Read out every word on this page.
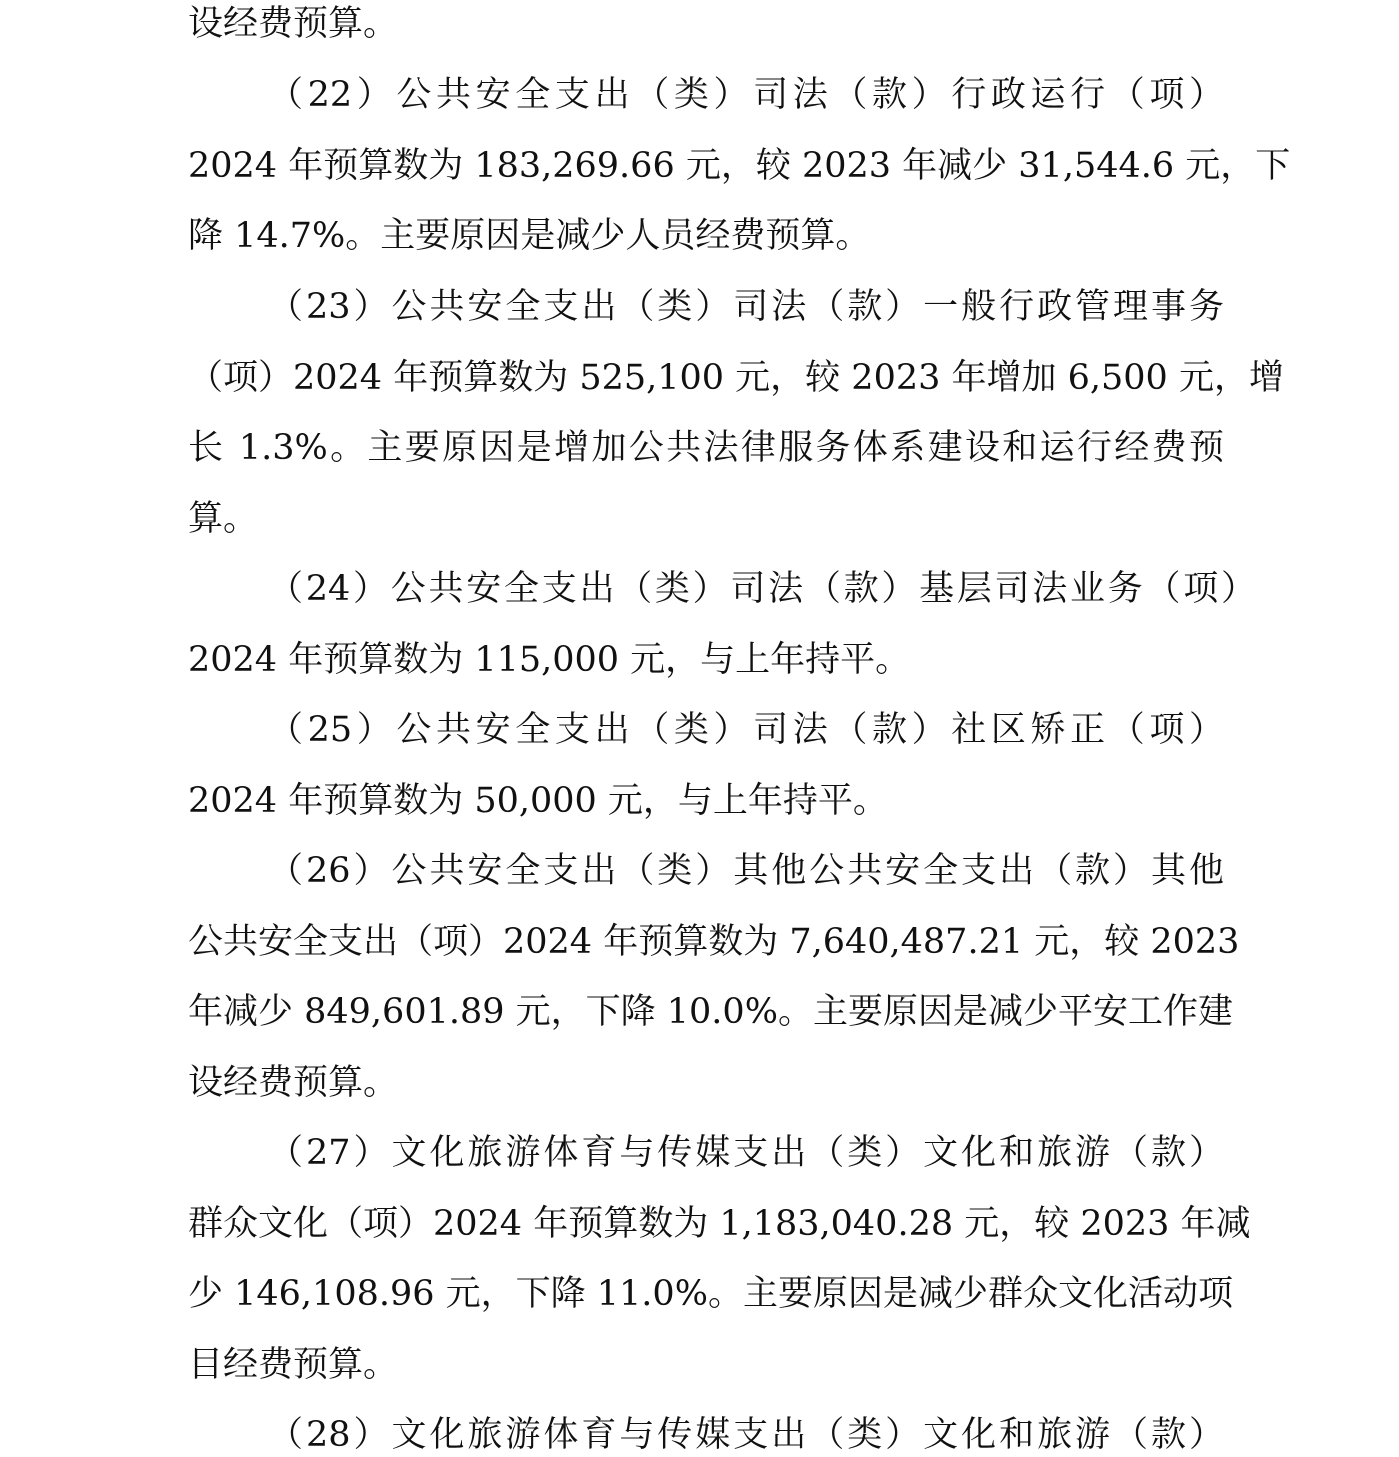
设经费预算。
（22）公共安全支出（类）司法（款）行政运行（项）
2024 年预算数为 183,269.66 元，较 2023 年减少 31,544.6 元，下
降 14.7%。主要原因是减少人员经费预算。
（23）公共安全支出（类）司法（款）一般行政管理事务
（项）2024 年预算数为 525,100 元，较 2023 年增加 6,500 元，增
长 1.3%。主要原因是增加公共法律服务体系建设和运行经费预
算。
（24）公共安全支出（类）司法（款）基层司法业务（项）
2024 年预算数为 115,000 元，与上年持平。
（25）公共安全支出（类）司法（款）社区矫正（项）
2024 年预算数为 50,000 元，与上年持平。
（26）公共安全支出（类）其他公共安全支出（款）其他
公共安全支出（项）2024 年预算数为 7,640,487.21 元，较 2023
年减少 849,601.89 元，下降 10.0%。主要原因是减少平安工作建
设经费预算。
（27）文化旅游体育与传媒支出（类）文化和旅游（款）
群众文化（项）2024 年预算数为 1,183,040.28 元，较 2023 年减
少 146,108.96 元，下降 11.0%。主要原因是减少群众文化活动项
目经费预算。
（28）文化旅游体育与传媒支出（类）文化和旅游（款）
